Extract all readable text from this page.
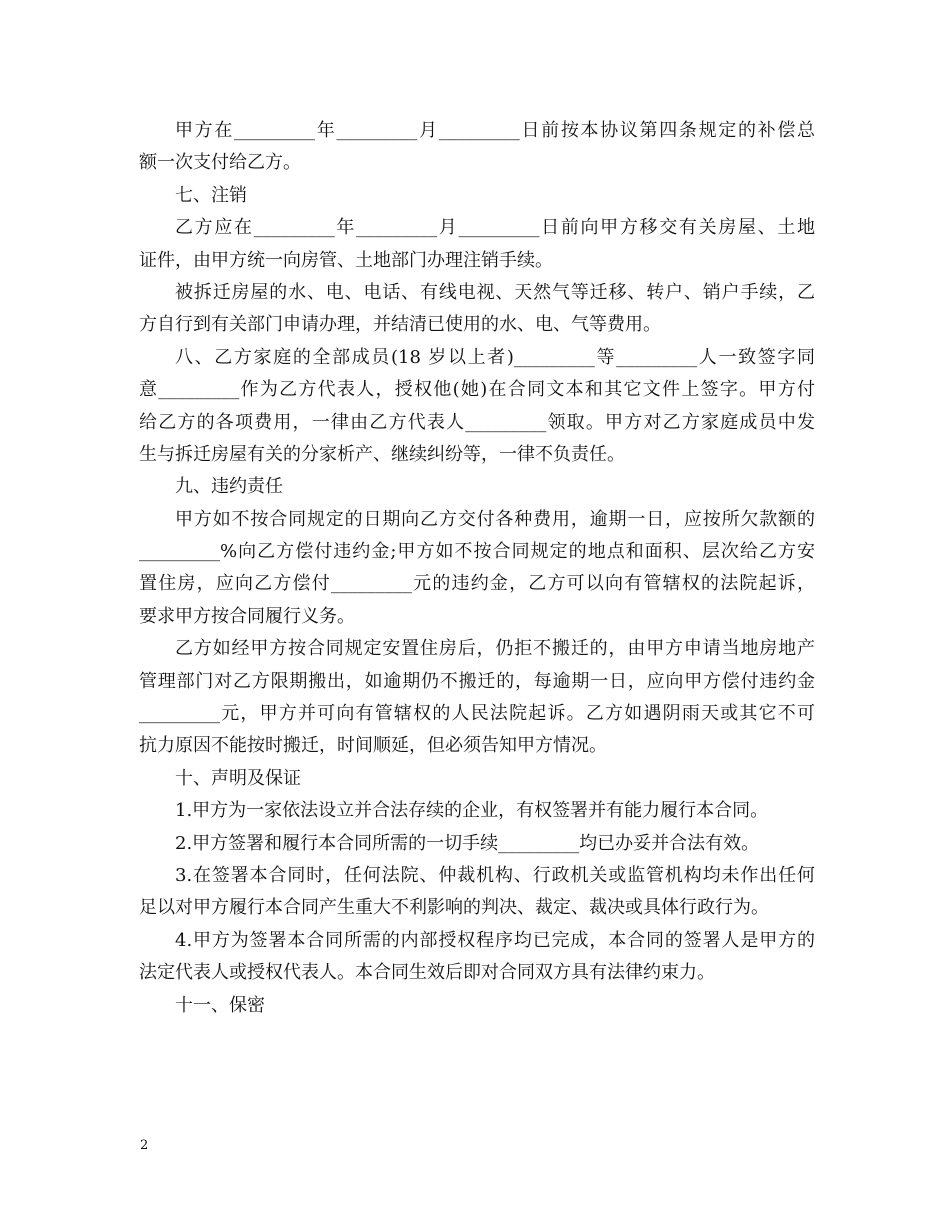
甲方在_________年_________月_________日前按本协议第四条规定的补偿总
额一次支付给乙方。
七、注销
乙方应在_________年_________月_________日前向甲方移交有关房屋、土地
证件，由甲方统一向房管、土地部门办理注销手续。
被拆迁房屋的水、电、电话、有线电视、天然气等迁移、转户、销户手续，乙
方自行到有关部门申请办理，并结清已使用的水、电、气等费用。
八、乙方家庭的全部成员(18 岁以上者)_________等_________人一致签字同
意_________作为乙方代表人，授权他(她)在合同文本和其它文件上签字。甲方付
给乙方的各项费用，一律由乙方代表人_________领取。甲方对乙方家庭成员中发
生与拆迁房屋有关的分家析产、继续纠纷等，一律不负责任。
九、违约责任
甲方如不按合同规定的日期向乙方交付各种费用，逾期一日，应按所欠款额的
_________%向乙方偿付违约金;甲方如不按合同规定的地点和面积、层次给乙方安
置住房，应向乙方偿付_________元的违约金，乙方可以向有管辖权的法院起诉，
要求甲方按合同履行义务。
乙方如经甲方按合同规定安置住房后，仍拒不搬迁的，由甲方申请当地房地产
管理部门对乙方限期搬出，如逾期仍不搬迁的，每逾期一日，应向甲方偿付违约金
_________元，甲方并可向有管辖权的人民法院起诉。乙方如遇阴雨天或其它不可
抗力原因不能按时搬迁，时间顺延，但必须告知甲方情况。
十、声明及保证
1.甲方为一家依法设立并合法存续的企业，有权签署并有能力履行本合同。
2.甲方签署和履行本合同所需的一切手续_________均已办妥并合法有效。
3.在签署本合同时，任何法院、仲裁机构、行政机关或监管机构均未作出任何
足以对甲方履行本合同产生重大不利影响的判决、裁定、裁决或具体行政行为。
4.甲方为签署本合同所需的内部授权程序均已完成，本合同的签署人是甲方的
法定代表人或授权代表人。本合同生效后即对合同双方具有法律约束力。
十一、保密
2
